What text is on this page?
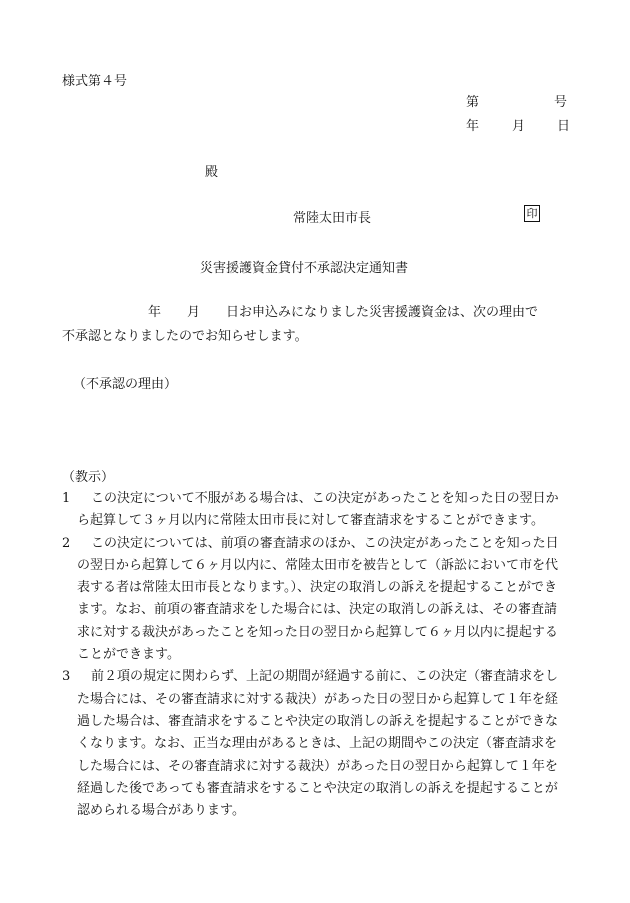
様式第４号
第	号
年	月 日
殿
常陸太田市長	印
災害援護資金貸付不承認決定通知書
年　　月　　日お申込みになりました災害援護資金は、次の理由で
不承認となりましたのでお知らせします。
（不承認の理由）
（教示）
1	この決定について不服がある場合は、この決定があったことを知った日の翌日か
ら起算して３ヶ月以内に常陸太田市長に対して審査請求をすることができます。
2	この決定については、前項の審査請求のほか、この決定があったことを知った日
の翌日から起算して６ヶ月以内に、常陸太田市を被告として（訴訟において市を代
表する者は常陸太田市長となります。）、決定の取消しの訴えを提起することができ
ます。なお、前項の審査請求をした場合には、決定の取消しの訴えは、その審査請
求に対する裁決があったことを知った日の翌日から起算して６ヶ月以内に提起する
ことができます。
3	前２項の規定に関わらず、上記の期間が経過する前に、この決定（審査請求をし
た場合には、その審査請求に対する裁決）があった日の翌日から起算して１年を経
過した場合は、審査請求をすることや決定の取消しの訴えを提起することができな
くなります。なお、正当な理由があるときは、上記の期間やこの決定（審査請求を
した場合には、その審査請求に対する裁決）があった日の翌日から起算して１年を
経過した後であっても審査請求をすることや決定の取消しの訴えを提起することが
認められる場合があります。
